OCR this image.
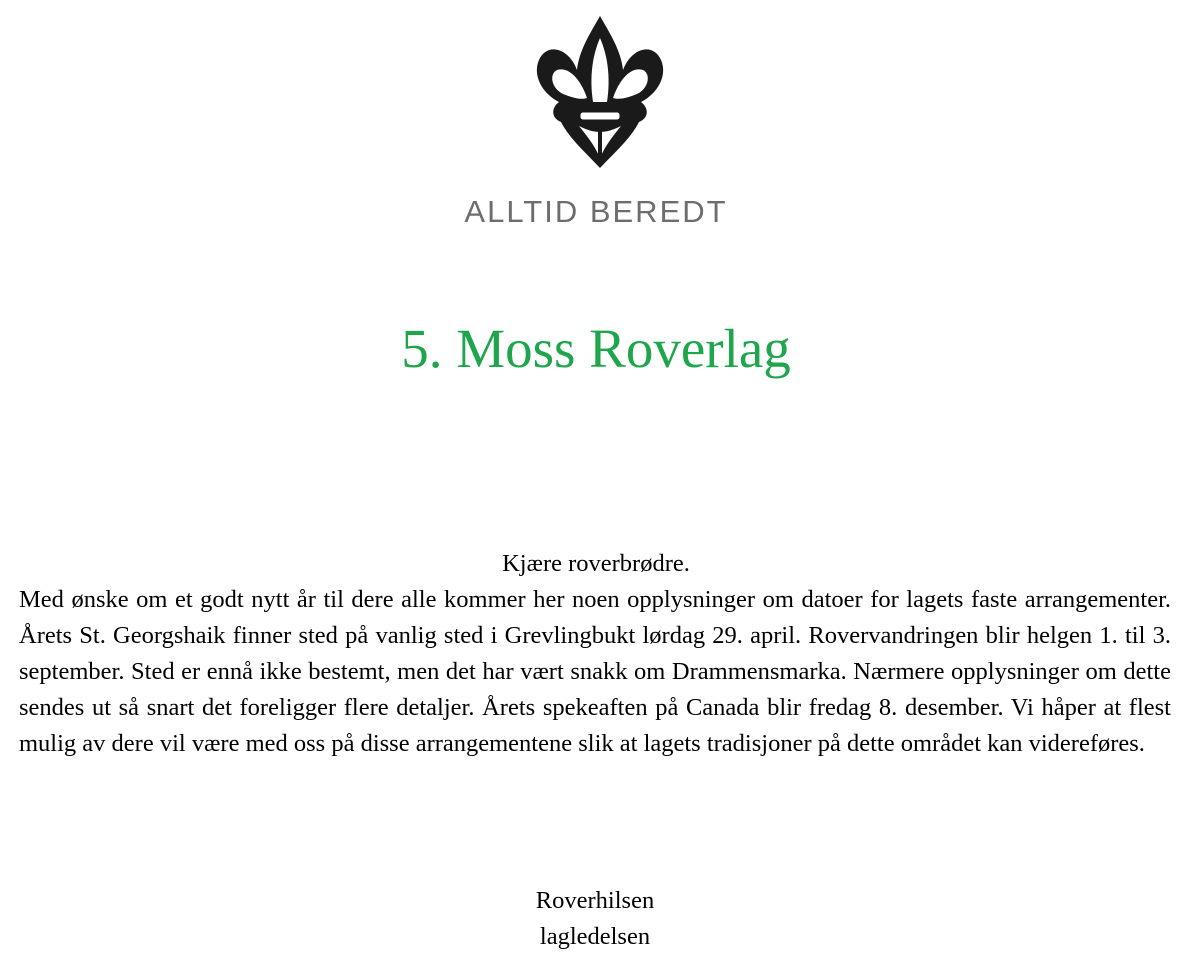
ALLTID BEREDT
5. Moss Roverlag
Kjære roverbrødre.

Med ønske om et godt nytt år til dere alle kommer her noen opplysninger om datoer for lagets faste arrangementer. Årets St. Georgshaik finner sted på vanlig sted i Grevlingbukt lørdag 29. april. Rovervandringen blir helgen 1. til 3. september. Sted er ennå ikke bestemt, men det har vært snakk om Drammensmarka. Nærmere opplysninger om dette sendes ut så snart det foreligger flere detaljer. Årets spekeaften på Canada blir fredag 8. desember. Vi håper at flest mulig av dere vil være med oss på disse arrangementene slik at lagets tradisjoner på dette området kan videreføres.

Roverhilsen
lagledelsen
